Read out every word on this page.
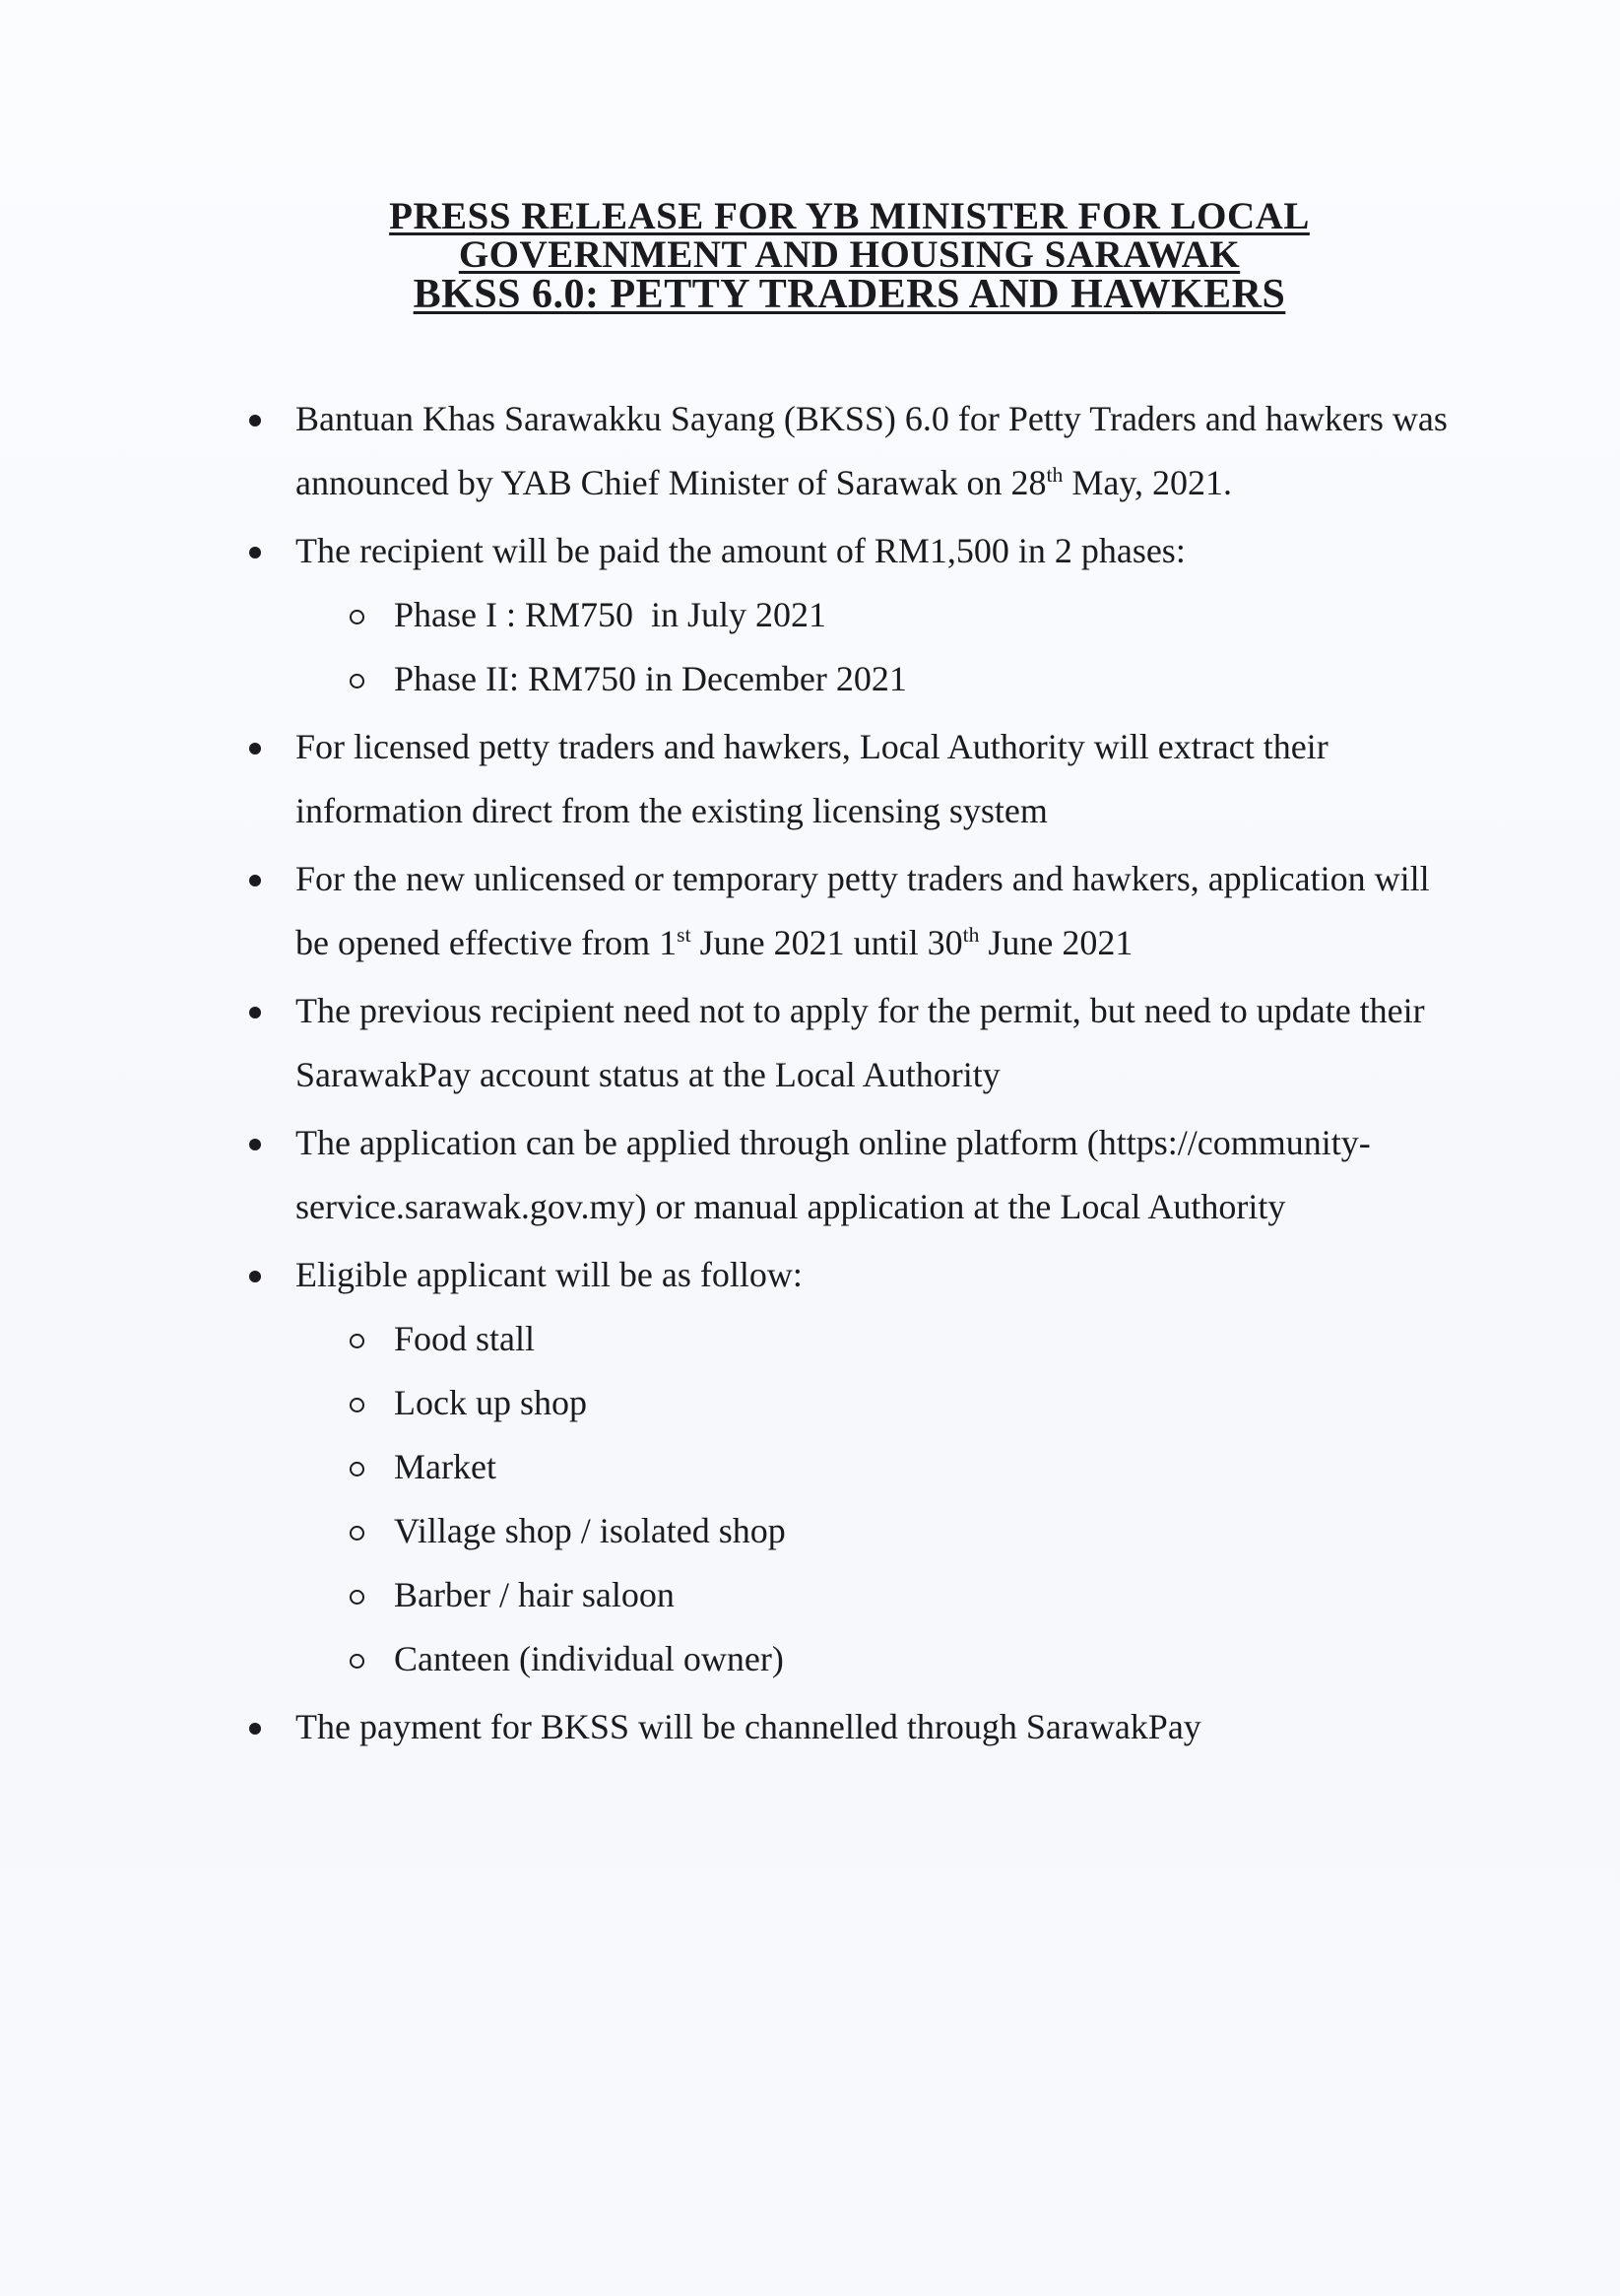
PRESS RELEASE FOR YB MINISTER FOR LOCAL
GOVERNMENT AND HOUSING SARAWAK
BKSS 6.0: PETTY TRADERS AND HAWKERS
Bantuan Khas Sarawakku Sayang (BKSS) 6.0 for Petty Traders and hawkers was announced by YAB Chief Minister of Sarawak on 28th May, 2021.
The recipient will be paid the amount of RM1,500 in 2 phases:
Phase I : RM750  in July 2021
Phase II: RM750 in December 2021
For licensed petty traders and hawkers, Local Authority will extract their information direct from the existing licensing system
For the new unlicensed or temporary petty traders and hawkers, application will be opened effective from 1st June 2021 until 30th June 2021
The previous recipient need not to apply for the permit, but need to update their SarawakPay account status at the Local Authority
The application can be applied through online platform (https://community-service.sarawak.gov.my) or manual application at the Local Authority
Eligible applicant will be as follow:
Food stall
Lock up shop
Market
Village shop / isolated shop
Barber / hair saloon
Canteen (individual owner)
The payment for BKSS will be channelled through SarawakPay
